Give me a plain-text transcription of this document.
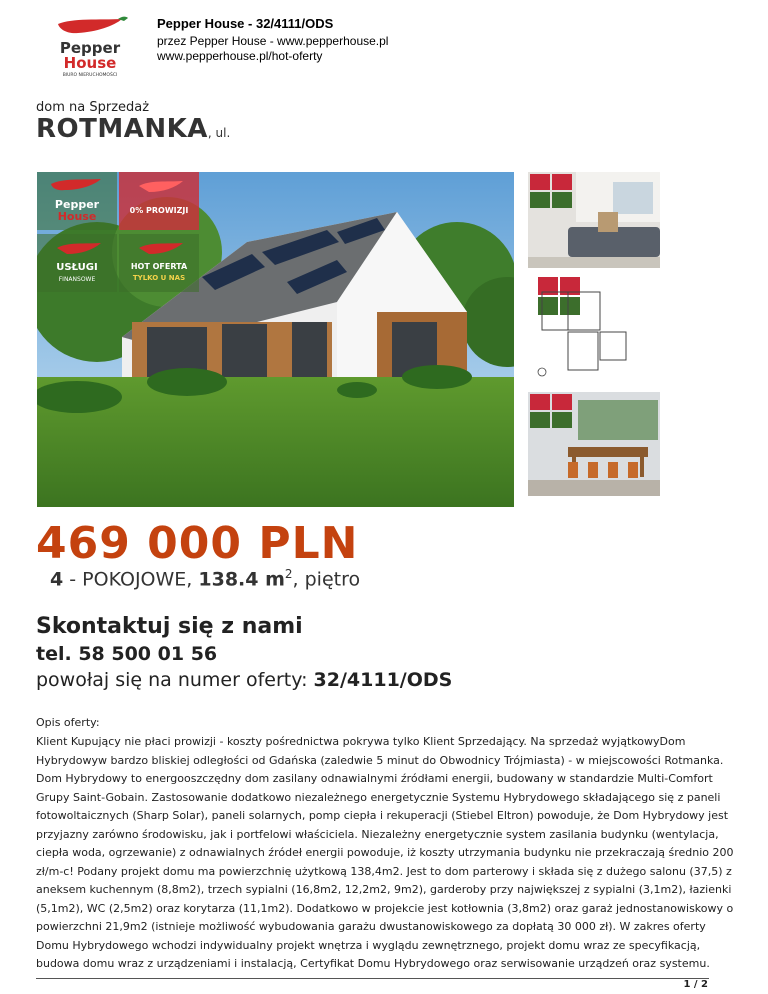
Pepper
House
BIURO NIERUCHOMOŚCI
Pepper House - 32/4111/ODS
przez Pepper House - www.pepperhouse.pl
www.pepperhouse.pl/hot-oferty
dom na Sprzedaż
ROTMANKA, ul.
Pepper
House	0% PROWIZJI
USŁUGI
FINANSOWE
HOT OFERTA
TYLKO U NAS
469 000 PLN
4 - POKOJOWE, 138.4 $m^2$, piętro
Skontaktuj się z nami
tel. 58 500 01 56
powołaj się na numer oferty: 32/4111/ODS
Opis oferty:
Klient Kupujący nie płaci prowizji - koszty pośrednictwa pokrywa tylko Klient Sprzedający. Na sprzedaż wyjątkowyDom Hybrydowyw bardzo bliskiej odległości od Gdańska (zaledwie 5 minut do Obwodnicy Trójmiasta) - w miejscowości Rotmanka. Dom Hybrydowy to energooszczędny dom zasilany odnawialnymi źródłami energii, budowany w standardzie Multi-Comfort Grupy Saint-Gobain. Zastosowanie dodatkowo niezależnego energetycznie Systemu Hybrydowego składającego się z paneli fotowoltaicznych (Sharp Solar), paneli solarnych, pomp ciepła i rekuperacji (Stiebel Eltron) powoduje, że Dom Hybrydowy jest przyjazny zarówno środowisku, jak i portfelowi właściciela. Niezależny energetycznie system zasilania budynku (wentylacja, ciepła woda, ogrzewanie) z odnawialnych źródeł energii powoduje, iż koszty utrzymania budynku nie przekraczają średnio 200 zł/m-c! Podany projekt domu ma powierzchnię użytkową 138,4m2. Jest to dom parterowy i składa się z dużego salonu (37,5) z aneksem kuchennym (8,8m2), trzech sypialni (16,8m2, 12,2m2, 9m2), garderoby przy największej z sypialni (3,1m2), łazienki (5,1m2), WC (2,5m2) oraz korytarza (11,1m2). Dodatkowo w projekcie jest kotłownia (3,8m2) oraz garaż jednostanowiskowy o powierzchni 21,9m2 (istnieje możliwość wybudowania garażu dwustanowiskowego za dopłatą 30 000 zł). W zakres oferty Domu Hybrydowego wchodzi indywidualny projekt wnętrza i wyglądu zewnętrznego, projekt domu wraz ze specyfikacją, budowa domu wraz z urządzeniami i instalacją, Certyfikat Domu Hybrydowego oraz serwisowanie urządzeń oraz systemu.
1 / 2
